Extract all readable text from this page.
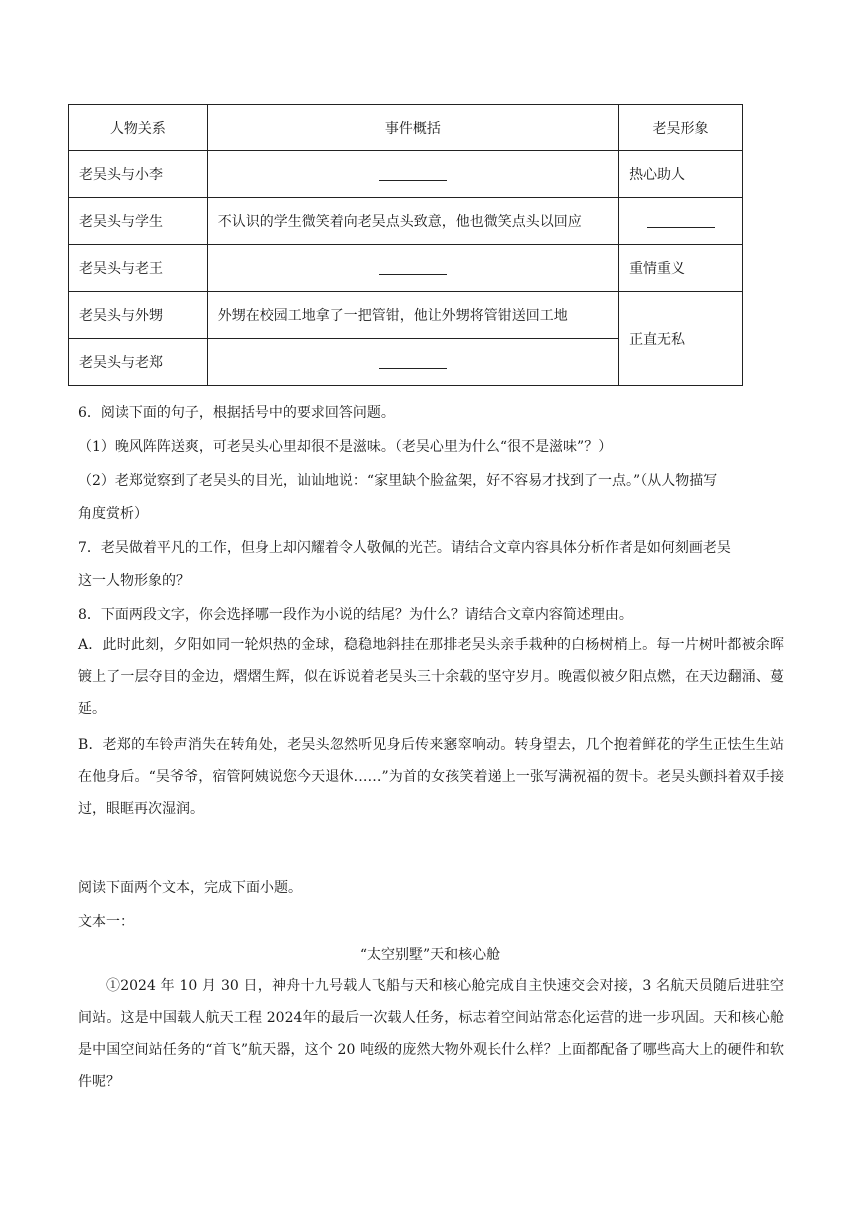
人物关系	事件概括	老吴形象
老吴头与小李		热心助人
老吴头与学生	不认识的学生微笑着向老吴点头致意，他也微笑点头以回应	
老吴头与老王		重情重义
老吴头与外甥	外甥在校园工地拿了一把管钳，他让外甥将管钳送回工地	正直无私
老吴头与老郑		
6．阅读下面的句子，根据括号中的要求回答问题。
（1）晚风阵阵送爽，可老吴头心里却很不是滋味。（老吴心里为什么“很不是滋味”？）
（2）老郑觉察到了老吴头的目光，讪讪地说：“家里缺个脸盆架，好不容易才找到了一点。”（从人物描写
角度赏析）
7．老吴做着平凡的工作，但身上却闪耀着令人敬佩的光芒。请结合文章内容具体分析作者是如何刻画老吴
这一人物形象的？
8．下面两段文字，你会选择哪一段作为小说的结尾？为什么？请结合文章内容简述理由。
A．此时此刻，夕阳如同一轮炽热的金球，稳稳地斜挂在那排老吴头亲手栽种的白杨树梢上。每一片树叶都被余晖镀上了一层夺目的金边，熠熠生辉，似在诉说着老吴头三十余载的坚守岁月。晚霞似被夕阳点燃，在天边翻涌、蔓延。
B．老郑的车铃声消失在转角处，老吴头忽然听见身后传来窸窣响动。转身望去，几个抱着鲜花的学生正怯生生站在他身后。“吴爷爷，宿管阿姨说您今天退休……”为首的女孩笑着递上一张写满祝福的贺卡。老吴头颤抖着双手接过，眼眶再次湿润。
阅读下面两个文本，完成下面小题。
文本一：
“太空别墅”天和核心舱
①2024 年 10 月 30 日，神舟十九号载人飞船与天和核心舱完成自主快速交会对接，3 名航天员随后进驻空间站。这是中国载人航天工程 2024年的最后一次载人任务，标志着空间站常态化运营的进一步巩固。天和核心舱是中国空间站任务的“首飞”航天器，这个 20 吨级的庞然大物外观长什么样？上面都配备了哪些高大上的硬件和软件呢？
